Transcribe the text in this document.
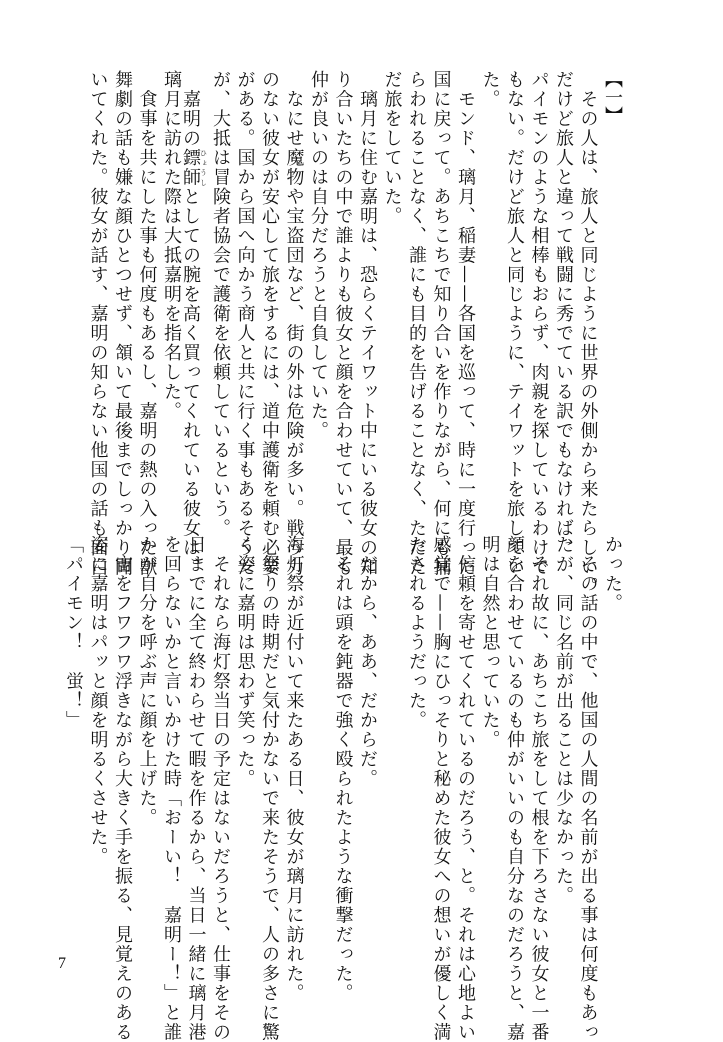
【一】
　その人は、旅人と同じように世界の外側から来たらしい。
だけど旅人と違って戦闘に秀でている訳でもなければ、
パイモンのような相棒もおらず、肉親を探しているわけで
もない。だけど旅人と同じように、テイワットを旅してい
た。
　モンド、璃月、稲妻——各国を巡って、時に一度行った
国に戻って。あちこちで知り合いを作りながら、何にも捕
らわれることなく、誰にも目的を告げることなく、ただた
だ旅をしていた。
　璃月に住む嘉明は、恐らくテイワット中にいる彼女の知
り合いたちの中で誰よりも彼女と顔を合わせていて、最も
仲が良いのは自分だろうと自負していた。
　なにせ魔物や宝盗団など、街の外は危険が多い。戦う力
のない彼女が安心して旅をするには、道中護衛を頼む必要
がある。国から国へ向かう商人と共に行く事もあるそうだ
が、大抵は冒険者協会で護衛を依頼しているという。
　嘉明の鏢師ひょうしとしての腕を高く買ってくれている彼女は、
璃月に訪れた際は大抵嘉明を指名した。
　食事を共にした事も何度もあるし、嘉明の熱の入った獣
舞劇の話も嫌な顔ひとつせず、頷いて最後までしっかり聞
いてくれた。彼女が話す、嘉明の知らない他国の話も面白	かった。
　その話の中で、他国の人間の名前が出る事は何度もあっ
たが、同じ名前が出ることは少なかった。
　それ故に、あちこち旅をして根を下ろさない彼女と一番
顔を合わせているのも仲がいいのも自分なのだろうと、嘉
明は自然と思っていた。
　信頼を寄せてくれているのだろう、と。それは心地よい
感覚で——胸にひっそりと秘めた彼女への想いが優しく満
たされるようだった。
　だから、ああ、だからだ。
　それは頭を鈍器で強く殴られたような衝撃だった。
海灯祭が近付いて来たある日、彼女が璃月に訪れた。
　祭りの時期だと気付かないで来たそうで、人の多さに驚
く姿に嘉明は思わず笑った。
　それなら海灯祭当日の予定はないだろうと、仕事をその
日までに全て終わらせて暇を作るから、当日一緒に璃月港
を回らないかと言いかけた時「おーい！　嘉明ー！」と誰
かが自分を呼ぶ声に顔を上げた。
　宙をフワフワ浮きながら大きく手を振る、見覚えのある
姿に嘉明はパッと顔を明るくさせた。
「パイモン！　蛍！」
7
